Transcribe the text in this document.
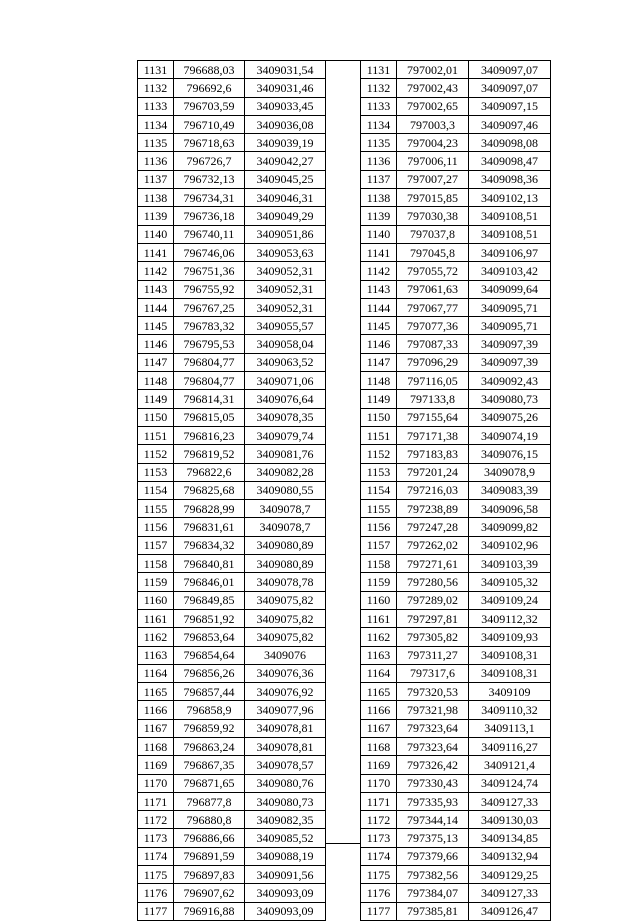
1131	796688,03	3409031,54
1132	796692,6	3409031,46
1133	796703,59	3409033,45
1134	796710,49	3409036,08
1135	796718,63	3409039,19
1136	796726,7	3409042,27
1137	796732,13	3409045,25
1138	796734,31	3409046,31
1139	796736,18	3409049,29
1140	796740,11	3409051,86
1141	796746,06	3409053,63
1142	796751,36	3409052,31
1143	796755,92	3409052,31
1144	796767,25	3409052,31
1145	796783,32	3409055,57
1146	796795,53	3409058,04
1147	796804,77	3409063,52
1148	796804,77	3409071,06
1149	796814,31	3409076,64
1150	796815,05	3409078,35
1151	796816,23	3409079,74
1152	796819,52	3409081,76
1153	796822,6	3409082,28
1154	796825,68	3409080,55
1155	796828,99	3409078,7
1156	796831,61	3409078,7
1157	796834,32	3409080,89
1158	796840,81	3409080,89
1159	796846,01	3409078,78
1160	796849,85	3409075,82
1161	796851,92	3409075,82
1162	796853,64	3409075,82
1163	796854,64	3409076
1164	796856,26	3409076,36
1165	796857,44	3409076,92
1166	796858,9	3409077,96
1167	796859,92	3409078,81
1168	796863,24	3409078,81
1169	796867,35	3409078,57
1170	796871,65	3409080,76
1171	796877,8	3409080,73
1172	796880,8	3409082,35
1173	796886,66	3409085,52
1174	796891,59	3409088,19
1175	796897,83	3409091,56
1176	796907,62	3409093,09
1177	796916,88	3409093,09
1131	797002,01	3409097,07
1132	797002,43	3409097,07
1133	797002,65	3409097,15
1134	797003,3	3409097,46
1135	797004,23	3409098,08
1136	797006,11	3409098,47
1137	797007,27	3409098,36
1138	797015,85	3409102,13
1139	797030,38	3409108,51
1140	797037,8	3409108,51
1141	797045,8	3409106,97
1142	797055,72	3409103,42
1143	797061,63	3409099,64
1144	797067,77	3409095,71
1145	797077,36	3409095,71
1146	797087,33	3409097,39
1147	797096,29	3409097,39
1148	797116,05	3409092,43
1149	797133,8	3409080,73
1150	797155,64	3409075,26
1151	797171,38	3409074,19
1152	797183,83	3409076,15
1153	797201,24	3409078,9
1154	797216,03	3409083,39
1155	797238,89	3409096,58
1156	797247,28	3409099,82
1157	797262,02	3409102,96
1158	797271,61	3409103,39
1159	797280,56	3409105,32
1160	797289,02	3409109,24
1161	797297,81	3409112,32
1162	797305,82	3409109,93
1163	797311,27	3409108,31
1164	797317,6	3409108,31
1165	797320,53	3409109
1166	797321,98	3409110,32
1167	797323,64	3409113,1
1168	797323,64	3409116,27
1169	797326,42	3409121,4
1170	797330,43	3409124,74
1171	797335,93	3409127,33
1172	797344,14	3409130,03
1173	797375,13	3409134,85
1174	797379,66	3409132,94
1175	797382,56	3409129,25
1176	797384,07	3409127,33
1177	797385,81	3409126,47
